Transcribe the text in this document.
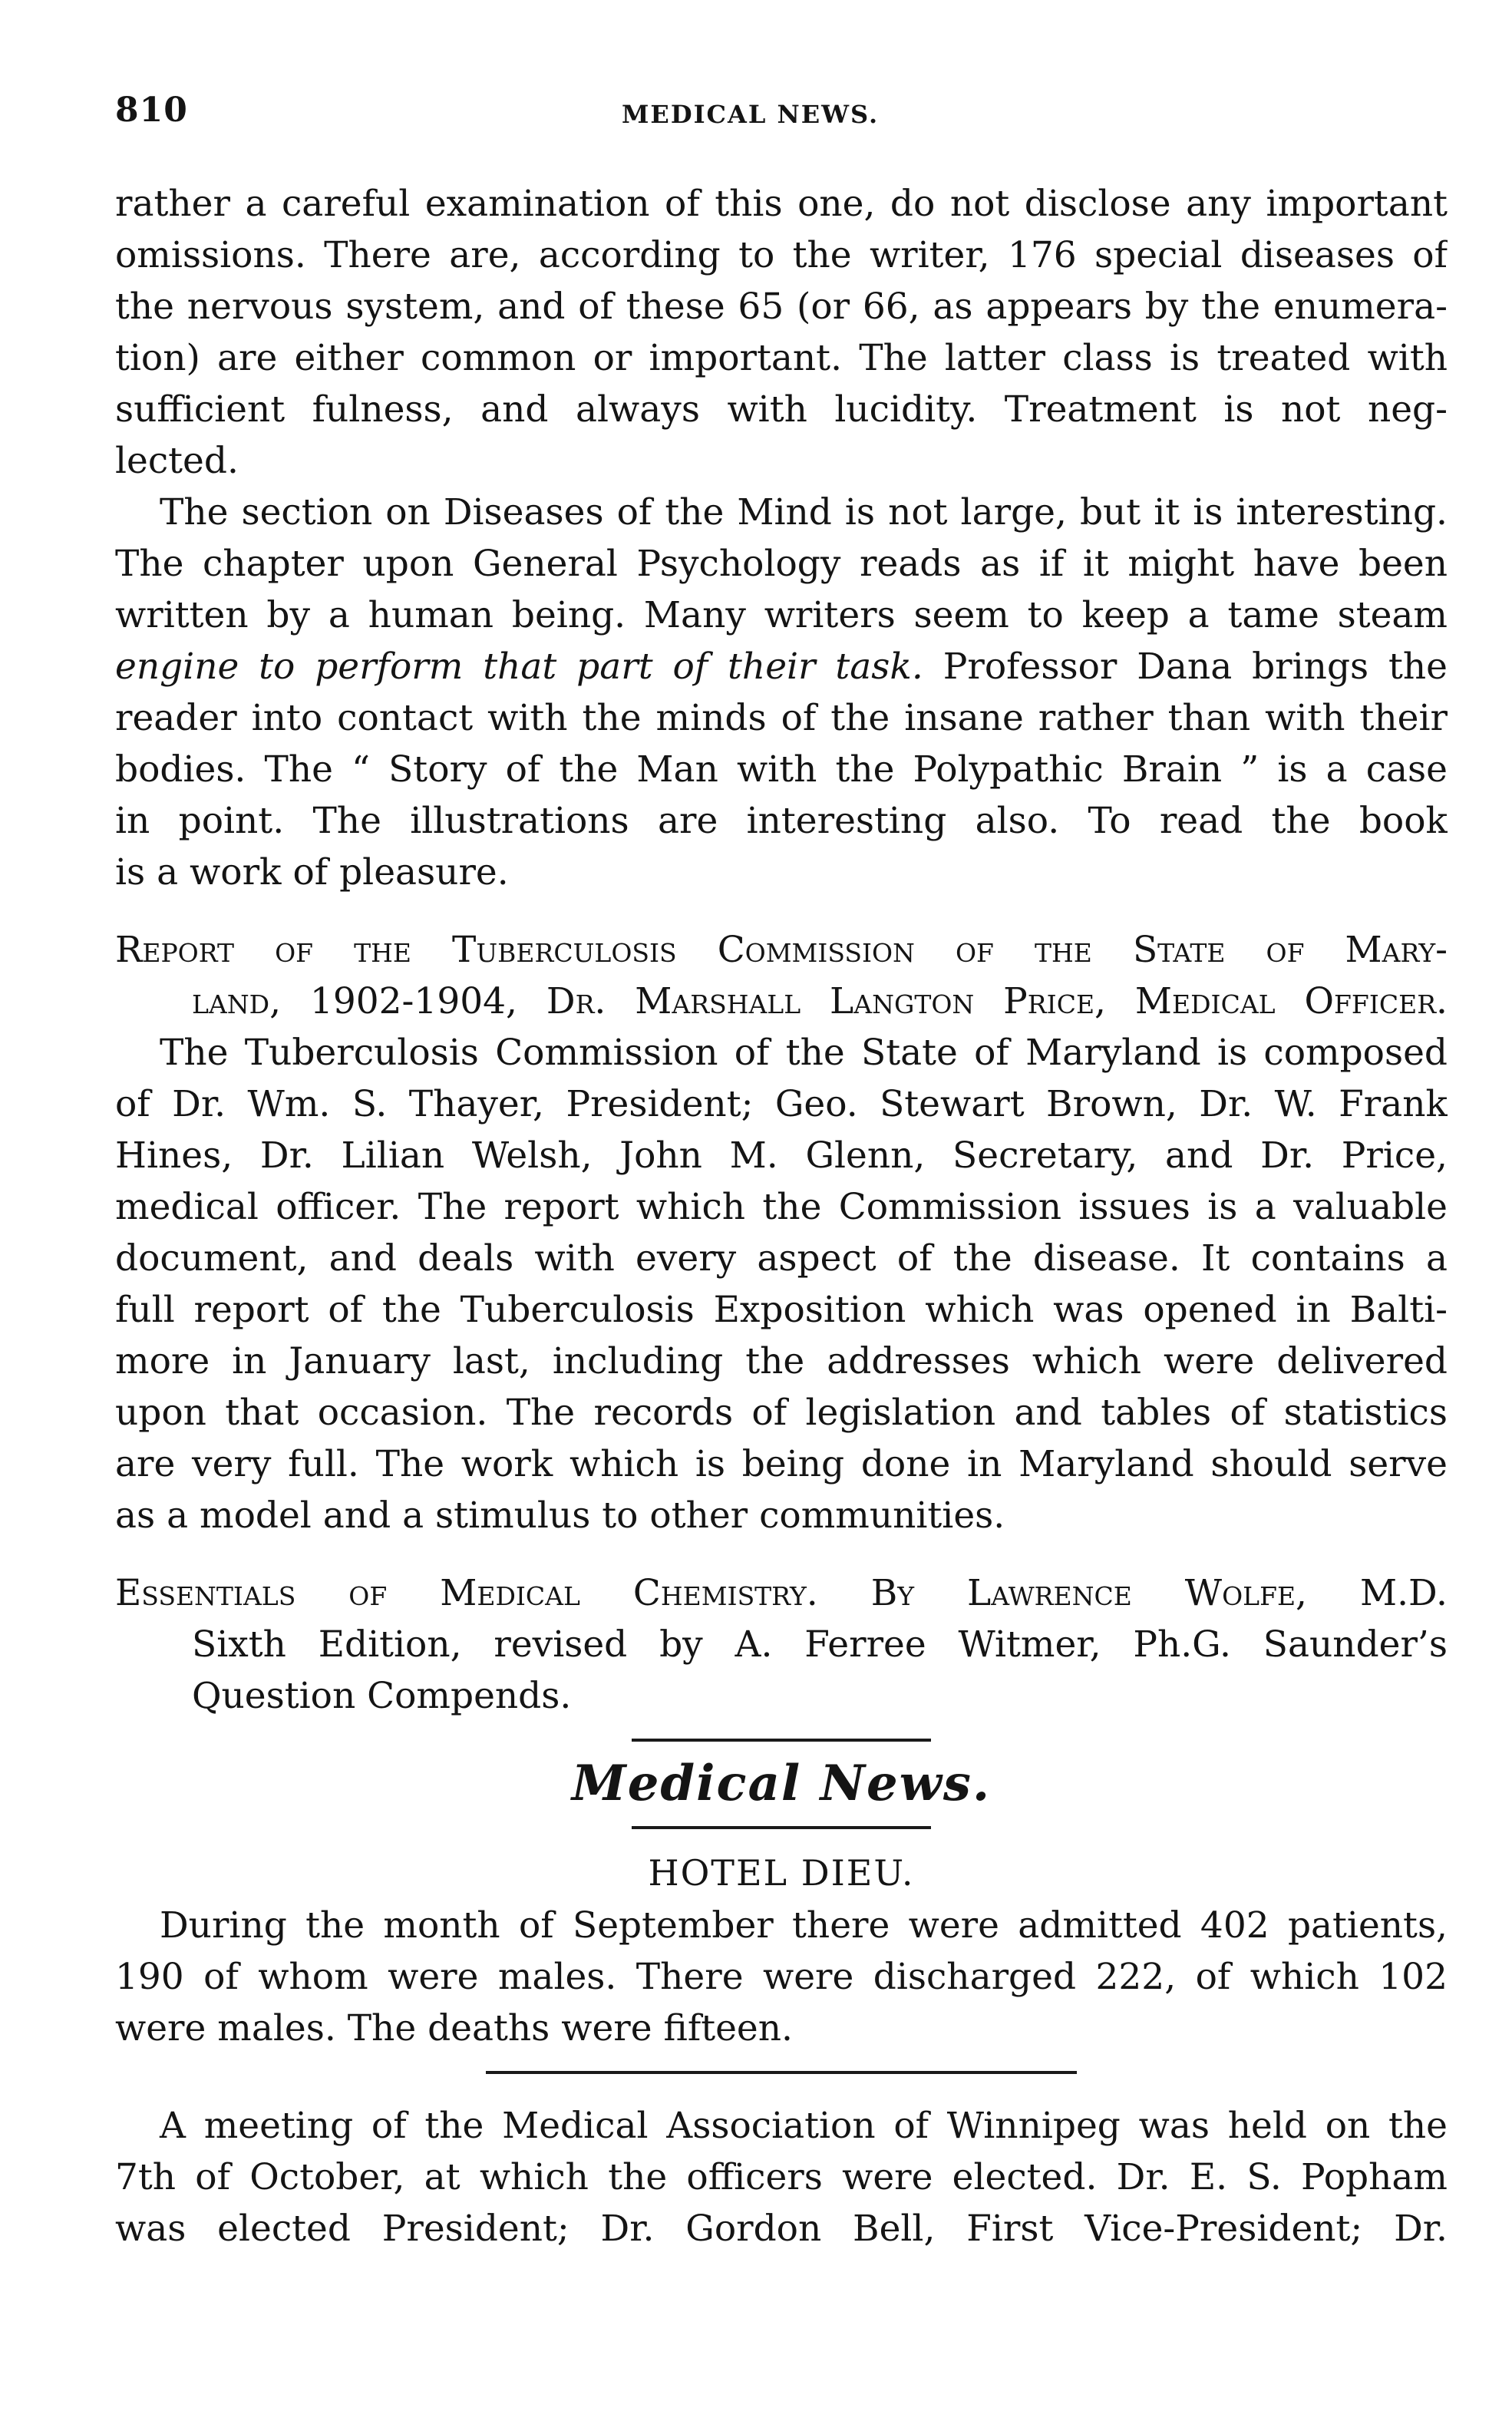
810	MEDICAL NEWS.
rather a careful examination of this one, do not disclose any important
omissions. There are, according to the writer, 176 special diseases of
the nervous system, and of these 65 (or 66, as appears by the enumera-
tion) are either common or important. The latter class is treated with
sufficient fulness, and always with lucidity. Treatment is not neg-
lected.
The section on Diseases of the Mind is not large, but it is interesting.
The chapter upon General Psychology reads as if it might have been
written by a human being. Many writers seem to keep a tame steam
engine to perform that part of their task. Professor Dana brings the
reader into contact with the minds of the insane rather than with their
bodies. The “ Story of the Man with the Polypathic Brain ” is a case
in point. The illustrations are interesting also. To read the book
is a work of pleasure.
Report of the Tuberculosis Commission of the State of Mary-
land, 1902-1904, Dr. Marshall Langton Price, Medical Officer.
The Tuberculosis Commission of the State of Maryland is composed
of Dr. Wm. S. Thayer, President; Geo. Stewart Brown, Dr. W. Frank
Hines, Dr. Lilian Welsh, John M. Glenn, Secretary, and Dr. Price,
medical officer. The report which the Commission issues is a valuable
document, and deals with every aspect of the disease. It contains a
full report of the Tuberculosis Exposition which was opened in Balti-
more in January last, including the addresses which were delivered
upon that occasion. The records of legislation and tables of statistics
are very full. The work which is being done in Maryland should serve
as a model and a stimulus to other communities.
Essentials of Medical Chemistry. By Lawrence Wolfe, M.D.
Sixth Edition, revised by A. Ferree Witmer, Ph.G. Saunder’s
Question Compends.
Medical News.
HOTEL DIEU.
During the month of September there were admitted 402 patients,
190 of whom were males. There were discharged 222, of which 102
were males. The deaths were fifteen.
A meeting of the Medical Association of Winnipeg was held on the
7th of October, at which the officers were elected. Dr. E. S. Popham
was elected President; Dr. Gordon Bell, First Vice-President; Dr.
